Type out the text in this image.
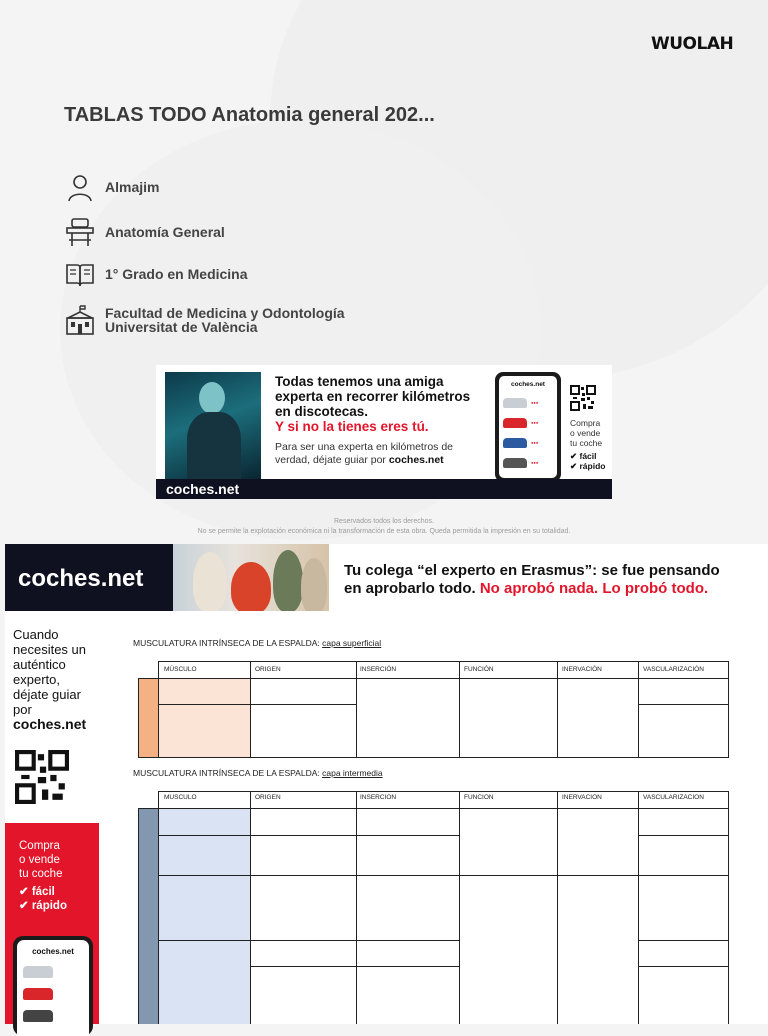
WUOLAH
TABLAS TODO Anatomia general 202...
Almajim
Anatomía General
1° Grado en Medicina
Facultad de Medicina y Odontología
Universitat de València
Todas tenemos una amiga experta en recorrer kilómetros en discotecas.
Y si no la tienes eres tú.
Para ser una experta en kilómetros de verdad, déjate guiar por coches.net
coches.net
●●●
●●●
●●●
●●●
Compra
o vende
tu coche
✔ fácil
✔ rápido
coches.net
Reservados todos los derechos.
No se permite la explotación económica ni la transformación de esta obra. Queda permitida la impresión en su totalidad.
coches.net	Tu colega “el experto en Erasmus”: se fue pensando
en aprobarlo todo. No aprobó nada. Lo probó todo.
Cuando necesites un auténtico experto, déjate guiar por
coches.net
Compra
o vende
tu coche
✔ fácil
✔ rápido
coches.net
MUSCULATURA INTRÍNSECA DE LA ESPALDA: capa superficial
MÚSCULO	ORIGEN	INSERCIÓN	FUNCIÓN	INERVACIÓN	VASCULARIZACIÓN
MUSCULATURA INTRÍNSECA DE LA ESPALDA: capa intermedia
MUSCULO	ORIGEN	INSERCION	FUNCION	INERVACION	VASCULARIZACION
